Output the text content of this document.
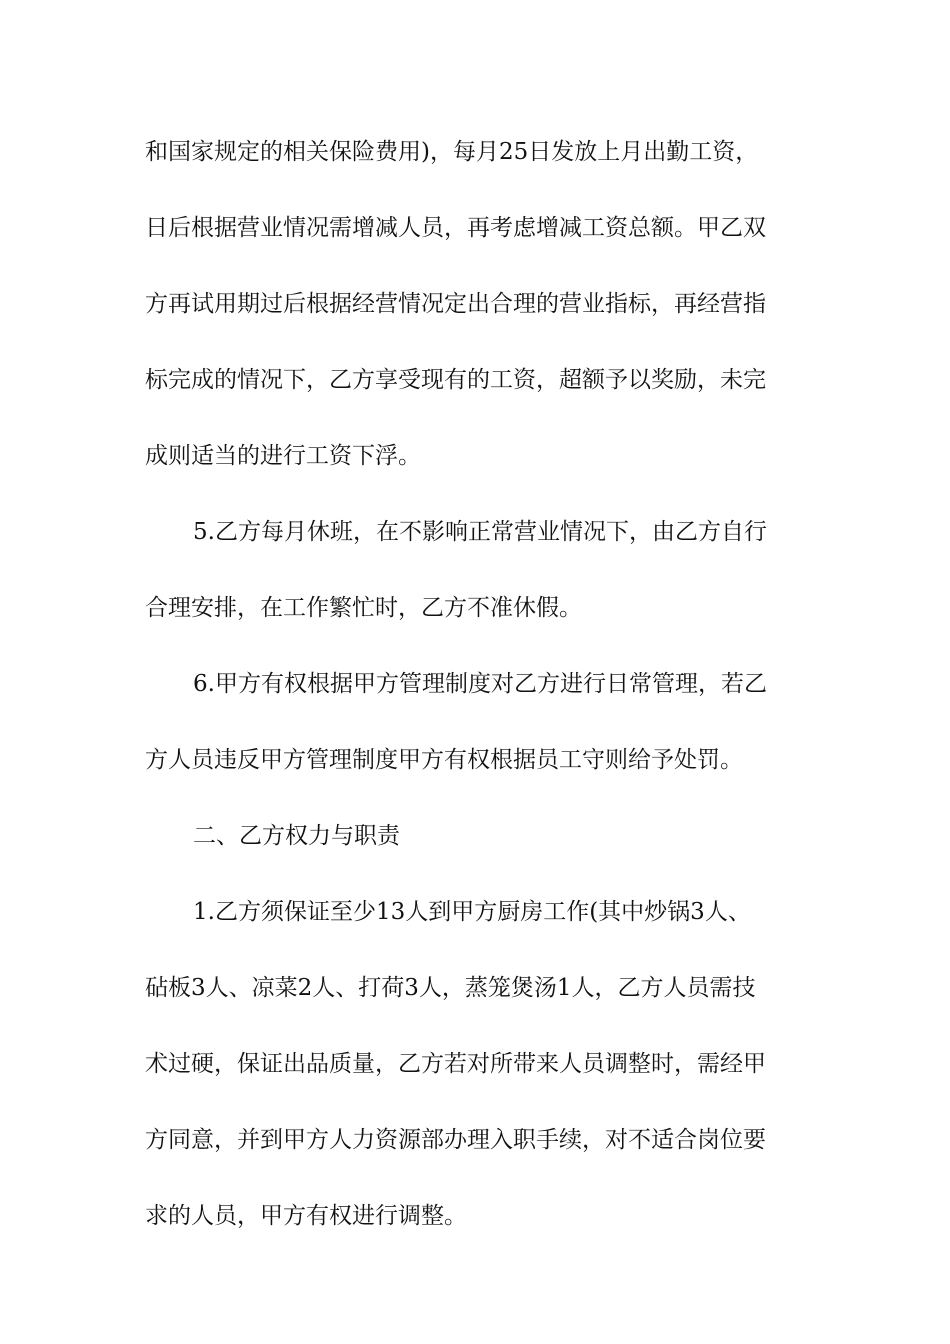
和国家规定的相关保险费用)，每月25日发放上月出勤工资，
日后根据营业情况需增减人员，再考虑增减工资总额。甲乙双
方再试用期过后根据经营情况定出合理的营业指标，再经营指
标完成的情况下，乙方享受现有的工资，超额予以奖励，未完
成则适当的进行工资下浮。
5.乙方每月休班，在不影响正常营业情况下，由乙方自行
合理安排，在工作繁忙时，乙方不准休假。
6.甲方有权根据甲方管理制度对乙方进行日常管理，若乙
方人员违反甲方管理制度甲方有权根据员工守则给予处罚。
二、乙方权力与职责
1.乙方须保证至少13人到甲方厨房工作(其中炒锅3人、
砧板3人、凉菜2人、打荷3人，蒸笼煲汤1人，乙方人员需技
术过硬，保证出品质量，乙方若对所带来人员调整时，需经甲
方同意，并到甲方人力资源部办理入职手续，对不适合岗位要
求的人员，甲方有权进行调整。
